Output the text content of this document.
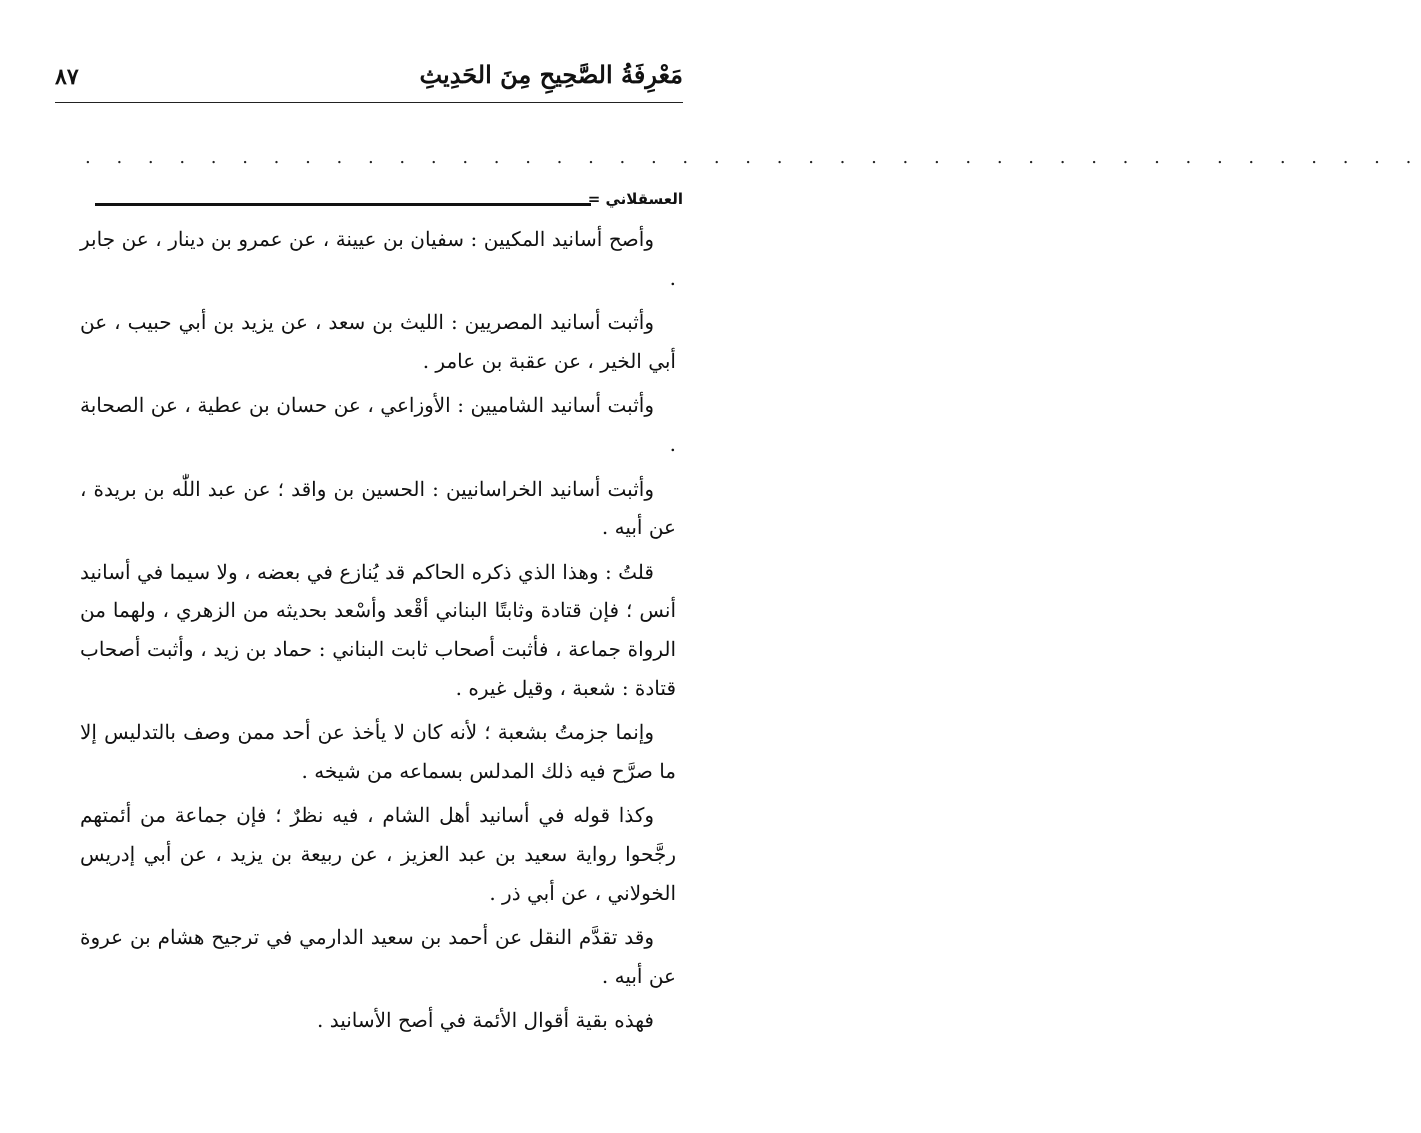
مَعْرِفَةُ الصَّحِيحِ مِنَ الحَدِيثِ
٨٧
. . . . . . . . . . . . . . . . . . . . . . . . . . . . . . . . . . . . . . . . . . .
العسقلاني =

وأصح أسانيد المكيين : سفيان بن عيينة ، عن عمرو بن دينار ، عن جابر .

وأثبت أسانيد المصريين : الليث بن سعد ، عن يزيد بن أبي حبيب ، عن أبي الخير ، عن عقبة بن عامر .

وأثبت أسانيد الشاميين : الأوزاعي ، عن حسان بن عطية ، عن الصحابة .

وأثبت أسانيد الخراسانيين : الحسين بن واقد ؛ عن عبد اللّٰه بن بريدة ، عن أبيه .

قلتُ : وهذا الذي ذكره الحاكم قد يُنازع في بعضه ، ولا سيما في أسانيد أنس ؛ فإن قتادة وثابتًا البناني أقْعد وأسْعد بحديثه من الزهري ، ولهما من الرواة جماعة ، فأثبت أصحاب ثابت البناني : حماد بن زيد ، وأثبت أصحاب قتادة : شعبة ، وقيل غيره .

وإنما جزمتُ بشعبة ؛ لأنه كان لا يأخذ عن أحد ممن وصف بالتدليس إلا ما صرَّح فيه ذلك المدلس بسماعه من شيخه .

وكذا قوله في أسانيد أهل الشام ، فيه نظرٌ ؛ فإن جماعة من أئمتهم رجَّحوا رواية سعيد بن عبد العزيز ، عن ربيعة بن يزيد ، عن أبي إدريس الخولاني ، عن أبي ذر .

وقد تقدَّم النقل عن أحمد بن سعيد الدارمي في ترجيح هشام بن عروة عن أبيه .

فهذه بقية أقوال الأئمة في أصح الأسانيد .
